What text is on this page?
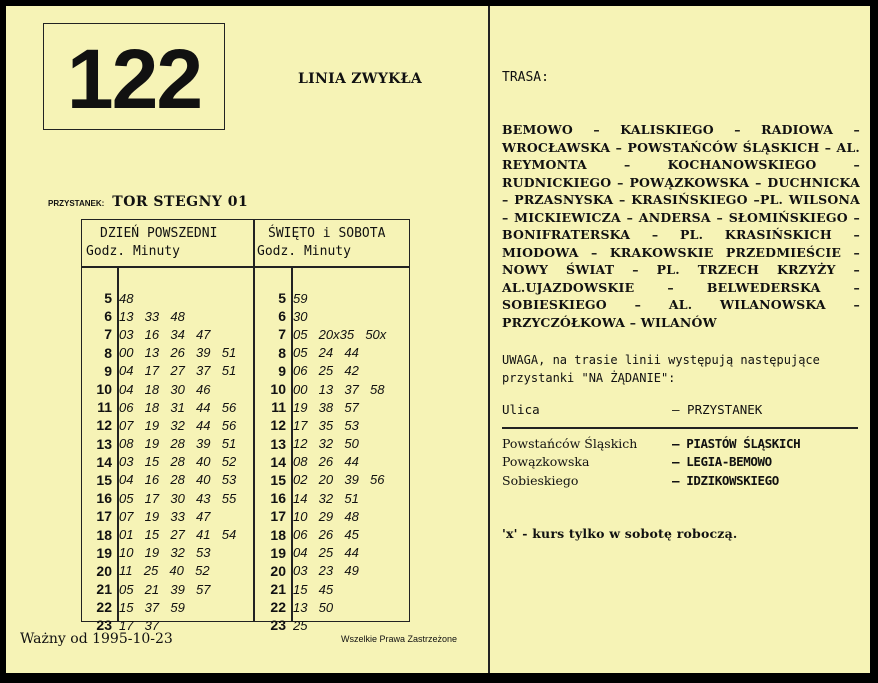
122	LINIA ZWYKŁA
PRZYSTANEK: TOR STEGNY 01
DZIEŃ POWSZEDNI
Godz. Minuty
ŚWIĘTO i SOBOTA
Godz. Minuty
5 48
6 13  33  48
7 03  16  34  47
8 00  13  26  39  51
9 04  17  27  37  51
10 04  18  30  46
11 06  18  31  44  56
12 07  19  32  44  56
13 08  19  28  39  51
14 03  15  28  40  52
15 04  16  28  40  53
16 05  17  30  43  55
17 07  19  33  47
18 01  15  27  41  54
19 10  19  32  53
20 11  25  40  52
21 05  21  39  57
22 15  37  59
23 17  37
5 59
6 30
7 05  20x35  50x
8 05  24  44
9 06  25  42
10 00  13  37  58
11 19  38  57
12 17  35  53
13 12  32  50
14 08  26  44
15 02  20  39  56
16 14  32  51
17 10  29  48
18 06  26  45
19 04  25  44
20 03  23  49
21 15  45
22 13  50
23 25
Ważny od 1995-10-23	Wszelkie Prawa Zastrzeżone
TRASA:
BEMOWO – KALISKIEGO – RADIOWA – WROCŁAWSKA – POWSTAŃCÓW ŚLĄSKICH – AL. REYMONTA – KOCHANOWSKIEGO – RUDNICKIEGO – POWĄZKOWSKA – DUCHNICKA – PRZASNYSKA – KRASIŃSKIEGO –PL. WILSONA – MICKIEWICZA – ANDERSA – SŁOMIŃSKIEGO – BONIFRATERSKA – PL. KRASIŃSKICH – MIODOWA – KRAKOWSKIE PRZEDMIEŚCIE – NOWY ŚWIAT – PL. TRZECH KRZYŻY – AL.UJAZDOWSKIE – BELWEDERSKA – SOBIESKIEGO – AL. WILANOWSKA – PRZYCZÓŁKOWA – WILANÓW
UWAGA, na trasie linii występują następujące przystanki "NA ŻĄDANIE":
Ulica	– PRZYSTANEK
Powstańców Śląskich	– PIASTÓW ŚLĄSKICH
Powązkowska	– LEGIA-BEMOWO
Sobieskiego	– IDZIKOWSKIEGO
'x' - kurs tylko w sobotę roboczą.
